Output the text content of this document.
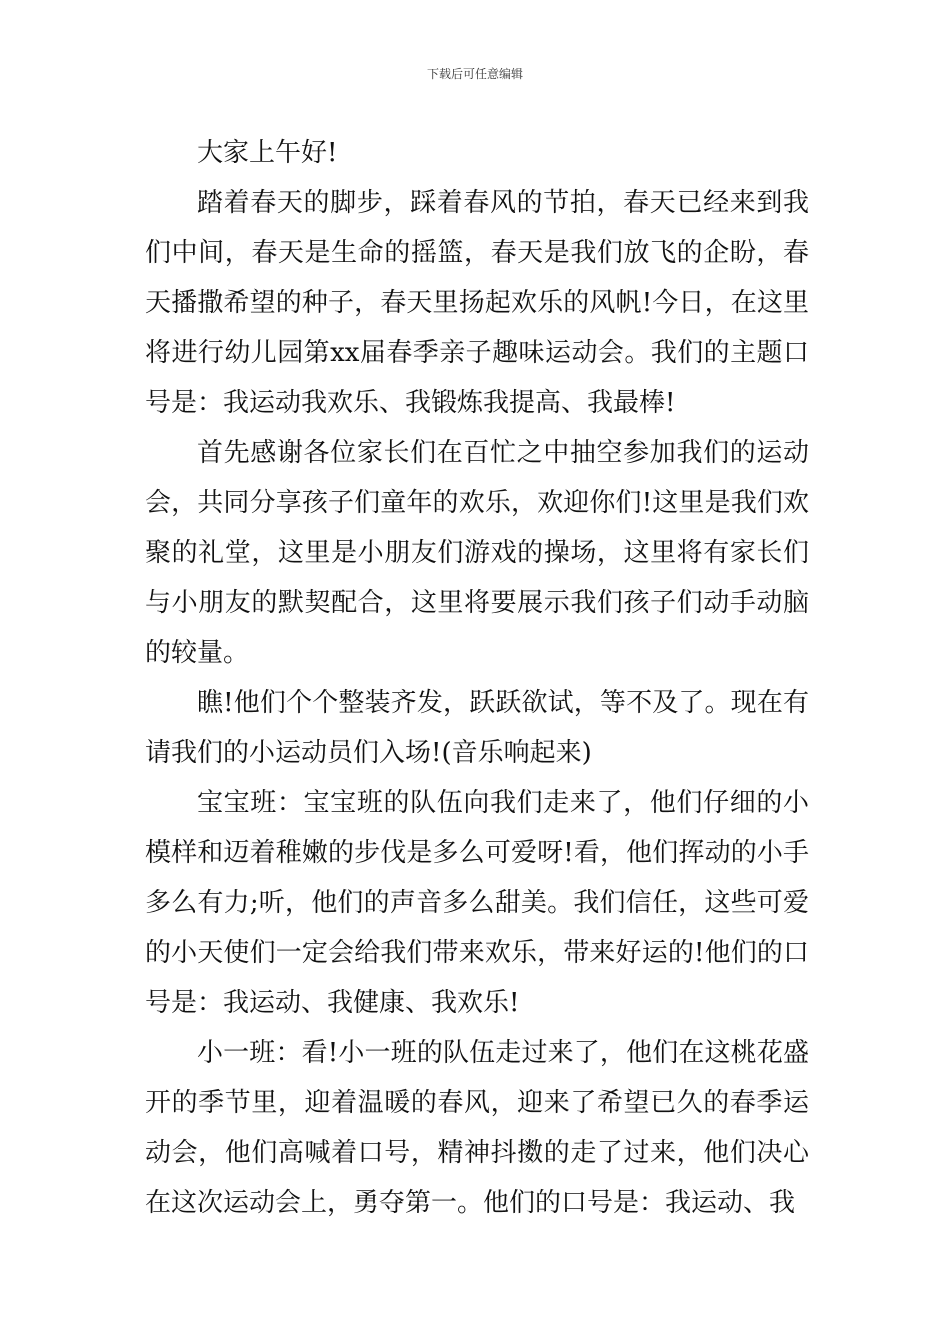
下载后可任意编辑

大家上午好!

踏着春天的脚步，踩着春风的节拍，春天已经来到我们中间，春天是生命的摇篮，春天是我们放飞的企盼，春天播撒希望的种子，春天里扬起欢乐的风帆!今日，在这里将进行幼儿园第xx届春季亲子趣味运动会。我们的主题口号是：我运动我欢乐、我锻炼我提高、我最棒!

首先感谢各位家长们在百忙之中抽空参加我们的运动会，共同分享孩子们童年的欢乐，欢迎你们!这里是我们欢聚的礼堂，这里是小朋友们游戏的操场，这里将有家长们与小朋友的默契配合，这里将要展示我们孩子们动手动脑的较量。

瞧!他们个个整装齐发，跃跃欲试，等不及了。现在有请我们的小运动员们入场!(音乐响起来)

宝宝班：宝宝班的队伍向我们走来了，他们仔细的小模样和迈着稚嫩的步伐是多么可爱呀!看，他们挥动的小手多么有力;听，他们的声音多么甜美。我们信任，这些可爱的小天使们一定会给我们带来欢乐，带来好运的!他们的口号是：我运动、我健康、我欢乐!

小一班：看!小一班的队伍走过来了，他们在这桃花盛开的季节里，迎着温暖的春风，迎来了希望已久的春季运动会，他们高喊着口号，精神抖擞的走了过来，他们决心在这次运动会上，勇夺第一。他们的口号是：我运动、我
